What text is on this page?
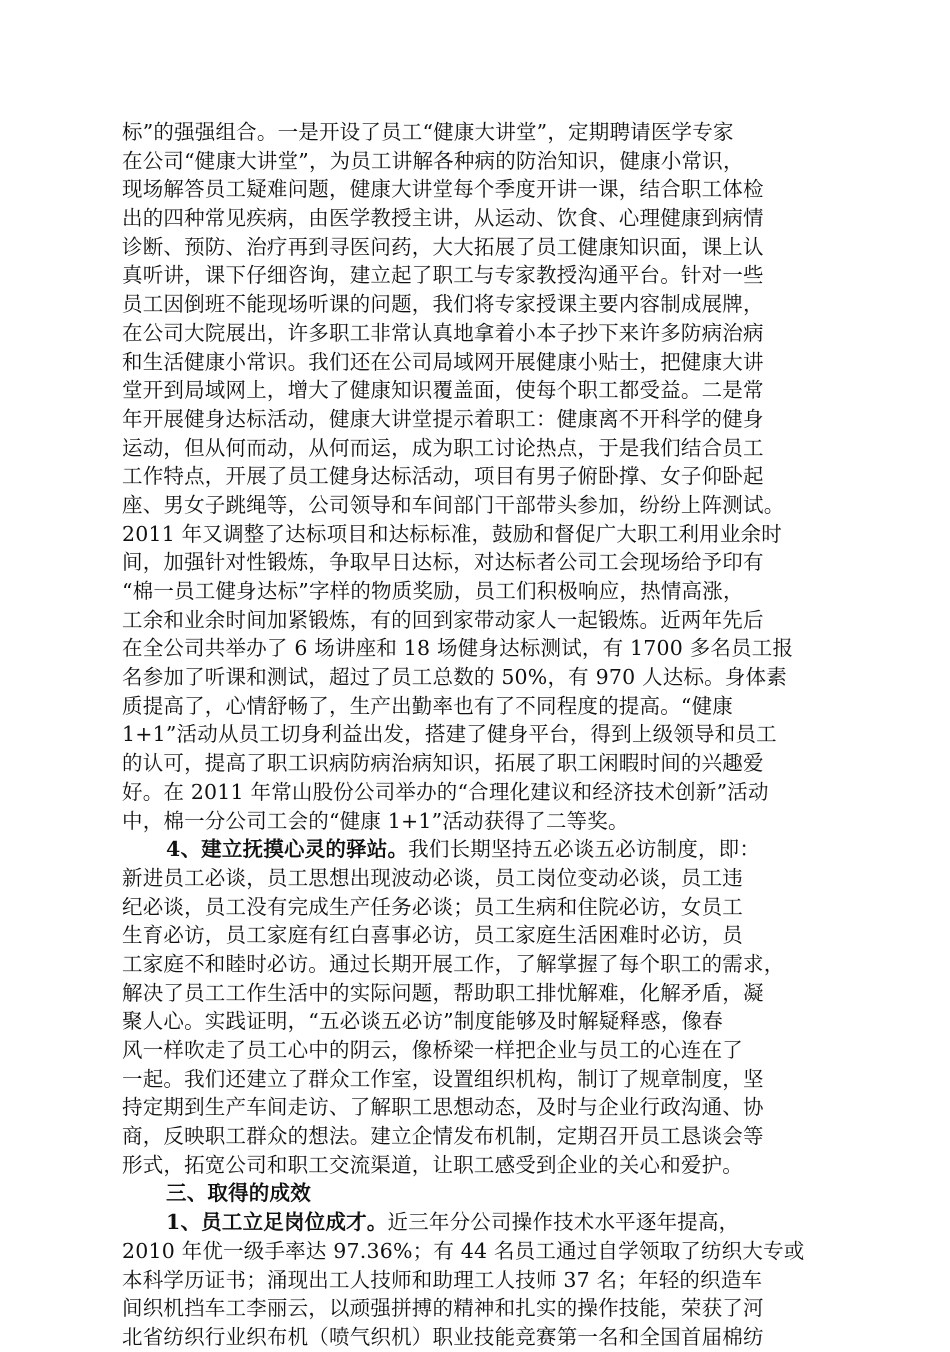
标”的强强组合。一是开设了员工“健康大讲堂”，定期聘请医学专家
在公司“健康大讲堂”，为员工讲解各种病的防治知识，健康小常识，
现场解答员工疑难问题，健康大讲堂每个季度开讲一课，结合职工体检
出的四种常见疾病，由医学教授主讲，从运动、饮食、心理健康到病情
诊断、预防、治疗再到寻医问药，大大拓展了员工健康知识面，课上认
真听讲，课下仔细咨询，建立起了职工与专家教授沟通平台。针对一些
员工因倒班不能现场听课的问题，我们将专家授课主要内容制成展牌，
在公司大院展出，许多职工非常认真地拿着小本子抄下来许多防病治病
和生活健康小常识。我们还在公司局域网开展健康小贴士，把健康大讲
堂开到局域网上，增大了健康知识覆盖面，使每个职工都受益。二是常
年开展健身达标活动，健康大讲堂提示着职工：健康离不开科学的健身
运动，但从何而动，从何而运，成为职工讨论热点，于是我们结合员工
工作特点，开展了员工健身达标活动，项目有男子俯卧撑、女子仰卧起
座、男女子跳绳等，公司领导和车间部门干部带头参加，纷纷上阵测试。
2011 年又调整了达标项目和达标标准，鼓励和督促广大职工利用业余时
间，加强针对性锻炼，争取早日达标，对达标者公司工会现场给予印有
“棉一员工健身达标”字样的物质奖励，员工们积极响应，热情高涨，
工余和业余时间加紧锻炼，有的回到家带动家人一起锻炼。近两年先后
在全公司共举办了 6 场讲座和 18 场健身达标测试，有 1700 多名员工报
名参加了听课和测试，超过了员工总数的 50%，有 970 人达标。身体素
质提高了，心情舒畅了，生产出勤率也有了不同程度的提高。“健康
1+1”活动从员工切身利益出发，搭建了健身平台，得到上级领导和员工
的认可，提高了职工识病防病治病知识，拓展了职工闲暇时间的兴趣爱
好。在 2011 年常山股份公司举办的“合理化建议和经济技术创新”活动
中，棉一分公司工会的“健康 1+1”活动获得了二等奖。
4、建立抚摸心灵的驿站。我们长期坚持五必谈五必访制度，即：
新进员工必谈，员工思想出现波动必谈，员工岗位变动必谈，员工违
纪必谈，员工没有完成生产任务必谈；员工生病和住院必访，女员工
生育必访，员工家庭有红白喜事必访，员工家庭生活困难时必访，员
工家庭不和睦时必访。通过长期开展工作，了解掌握了每个职工的需求，
解决了员工工作生活中的实际问题，帮助职工排忧解难，化解矛盾，凝
聚人心。实践证明，“五必谈五必访”制度能够及时解疑释惑，像春
风一样吹走了员工心中的阴云，像桥梁一样把企业与员工的心连在了
一起。我们还建立了群众工作室，设置组织机构，制订了规章制度，坚
持定期到生产车间走访、了解职工思想动态，及时与企业行政沟通、协
商，反映职工群众的想法。建立企情发布机制，定期召开员工恳谈会等
形式，拓宽公司和职工交流渠道，让职工感受到企业的关心和爱护。
三、取得的成效
1、员工立足岗位成才。近三年分公司操作技术水平逐年提高，
2010 年优一级手率达 97.36%；有 44 名员工通过自学领取了纺织大专或
本科学历证书；涌现出工人技师和助理工人技师 37 名；年轻的织造车
间织机挡车工李丽云，以顽强拼搏的精神和扎实的操作技能，荣获了河
北省纺织行业织布机（喷气织机）职业技能竞赛第一名和全国首届棉纺
